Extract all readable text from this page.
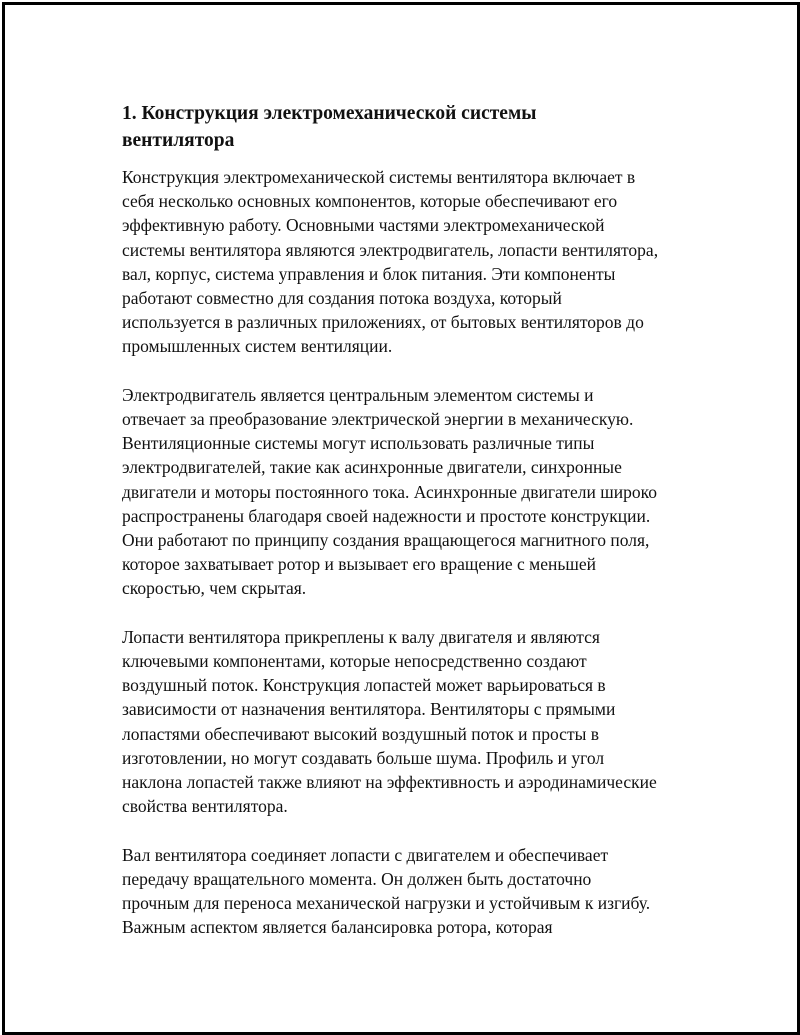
1. Конструкция электромеханической системы
вентилятора
Конструкция электромеханической системы вентилятора включает в
себя несколько основных компонентов, которые обеспечивают его
эффективную работу. Основными частями электромеханической
системы вентилятора являются электродвигатель, лопасти вентилятора,
вал, корпус, система управления и блок питания. Эти компоненты
работают совместно для создания потока воздуха, который
используется в различных приложениях, от бытовых вентиляторов до
промышленных систем вентиляции.
Электродвигатель является центральным элементом системы и
отвечает за преобразование электрической энергии в механическую.
Вентиляционные системы могут использовать различные типы
электродвигателей, такие как асинхронные двигатели, синхронные
двигатели и моторы постоянного тока. Асинхронные двигатели широко
распространены благодаря своей надежности и простоте конструкции.
Они работают по принципу создания вращающегося магнитного поля,
которое захватывает ротор и вызывает его вращение с меньшей
скоростью, чем скрытая.
Лопасти вентилятора прикреплены к валу двигателя и являются
ключевыми компонентами, которые непосредственно создают
воздушный поток. Конструкция лопастей может варьироваться в
зависимости от назначения вентилятора. Вентиляторы с прямыми
лопастями обеспечивают высокий воздушный поток и просты в
изготовлении, но могут создавать больше шума. Профиль и угол
наклона лопастей также влияют на эффективность и аэродинамические
свойства вентилятора.
Вал вентилятора соединяет лопасти с двигателем и обеспечивает
передачу вращательного момента. Он должен быть достаточно
прочным для переноса механической нагрузки и устойчивым к изгибу.
Важным аспектом является балансировка ротора, которая
